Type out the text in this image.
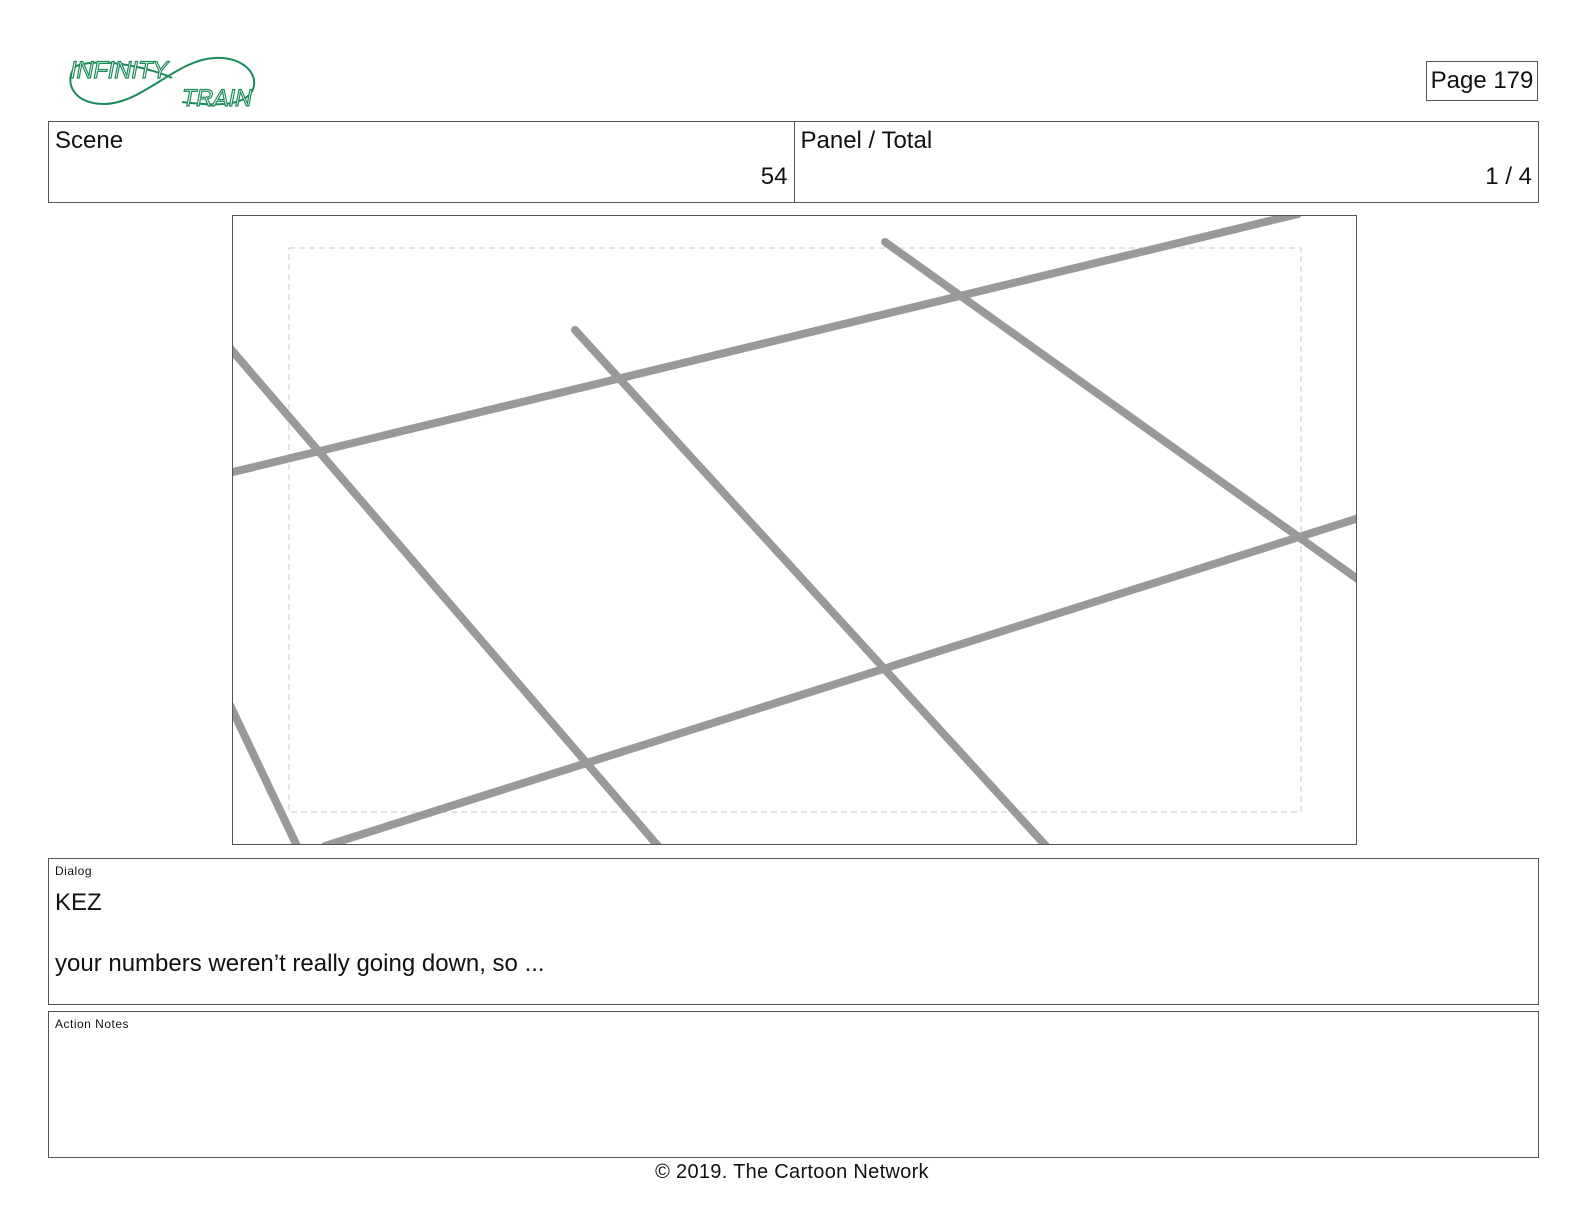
INFINITY
TRAIN
Page 179
Scene
54
Panel / Total
1 / 4
Dialog
KEZ
your numbers weren’t really going down, so ...
Action Notes
© 2019. The Cartoon Network
